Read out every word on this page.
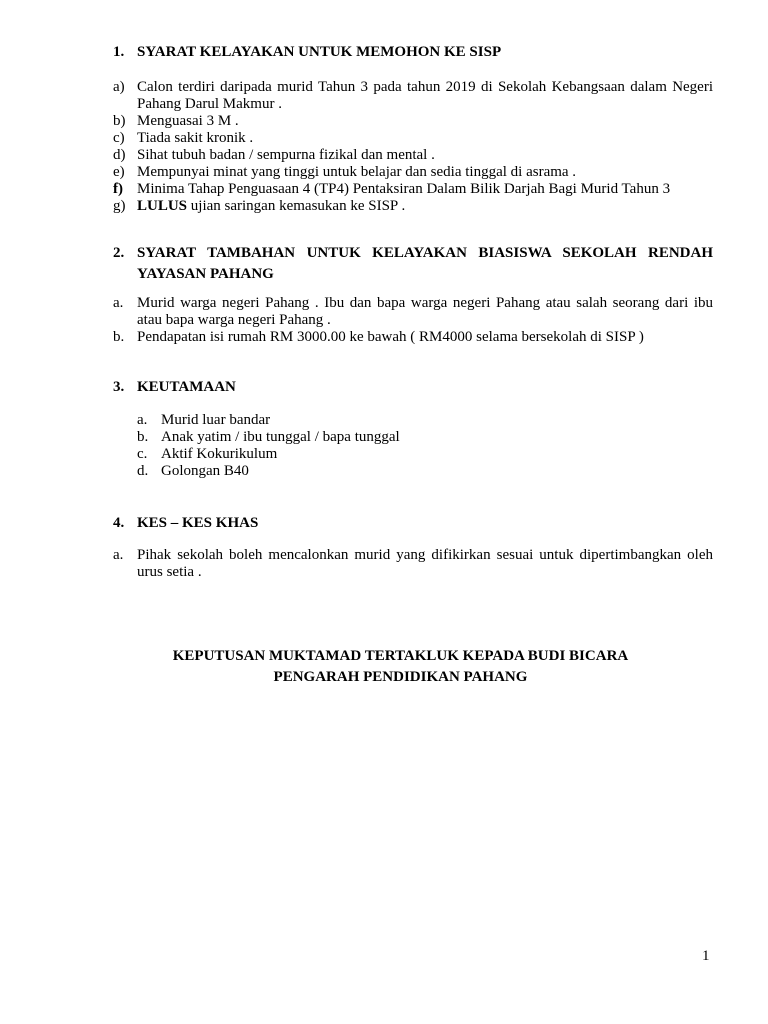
1. SYARAT KELAYAKAN UNTUK MEMOHON KE SISP
a) Calon terdiri daripada murid Tahun 3 pada tahun 2019 di Sekolah Kebangsaan dalam Negeri Pahang Darul Makmur .
b) Menguasai 3 M .
c) Tiada sakit kronik .
d) Sihat tubuh badan / sempurna fizikal dan mental .
e) Mempunyai minat yang tinggi untuk belajar dan sedia tinggal di asrama .
f) Minima Tahap Penguasaan 4 (TP4) Pentaksiran Dalam Bilik Darjah Bagi Murid Tahun 3
g) LULUS ujian saringan kemasukan ke SISP .
2. SYARAT TAMBAHAN UNTUK KELAYAKAN BIASISWA SEKOLAH RENDAH
YAYASAN PAHANG
a. Murid warga negeri Pahang . Ibu dan bapa warga negeri Pahang atau salah seorang dari ibu atau bapa warga negeri Pahang .
b. Pendapatan isi rumah RM 3000.00 ke bawah ( RM4000 selama bersekolah di SISP )
3. KEUTAMAAN
a. Murid luar bandar
b. Anak yatim / ibu tunggal / bapa tunggal
c. Aktif Kokurikulum
d. Golongan B40
4. KES – KES KHAS
a. Pihak sekolah boleh mencalonkan murid yang difikirkan sesuai untuk dipertimbangkan oleh urus setia .
KEPUTUSAN MUKTAMAD TERTAKLUK KEPADA BUDI BICARA
PENGARAH PENDIDIKAN PAHANG
1
